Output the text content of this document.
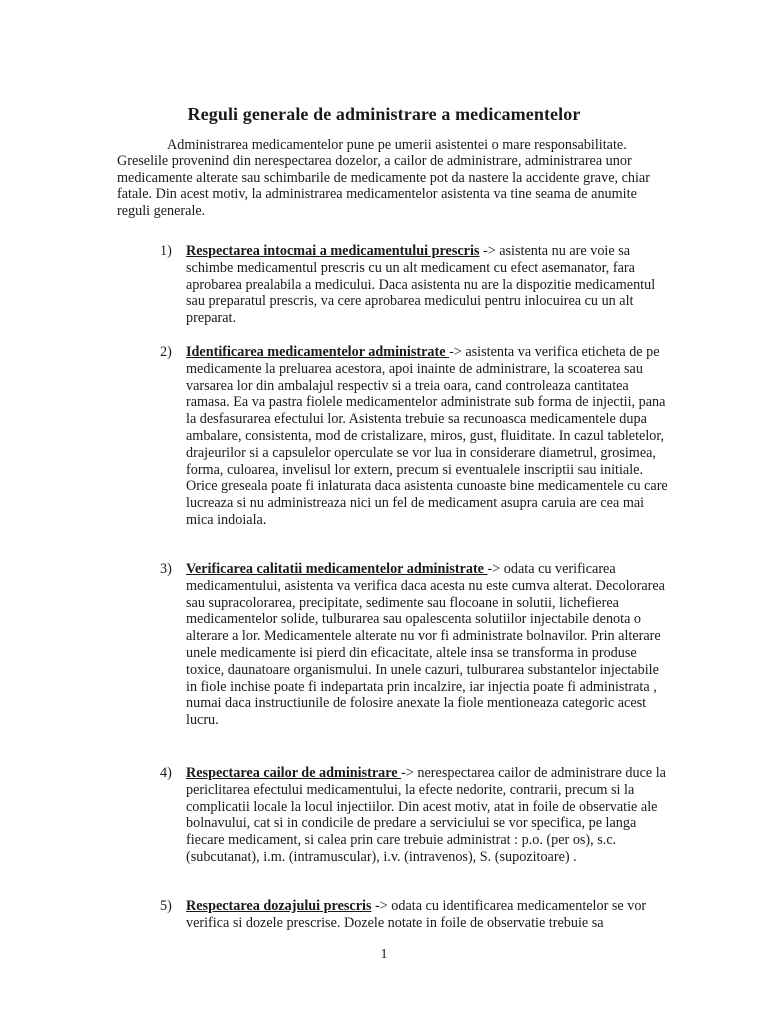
Reguli generale de administrare a medicamentelor

Administrarea medicamentelor pune pe umerii asistentei o mare responsabilitate. Greselile provenind din nerespectarea dozelor, a cailor de administrare, administrarea unor medicamente alterate sau schimbarile de medicamente pot da nastere la accidente grave, chiar fatale. Din acest motiv, la administrarea medicamentelor asistenta va tine seama de anumite reguli generale.

1) Respectarea intocmai a medicamentului prescris -> asistenta nu are voie sa schimbe medicamentul prescris cu un alt medicament cu efect asemanator, fara aprobarea prealabila a medicului. Daca asistenta nu are la dispozitie medicamentul sau preparatul prescris, va cere aprobarea medicului pentru inlocuirea cu un alt preparat.
2) Identificarea medicamentelor administrate -> asistenta va verifica eticheta de pe medicamente la preluarea acestora, apoi inainte de administrare, la scoaterea sau varsarea lor din ambalajul respectiv si a treia oara, cand controleaza cantitatea ramasa. Ea va pastra fiolele medicamentelor administrate sub forma de injectii, pana la desfasurarea efectului lor. Asistenta trebuie sa recunoasca medicamentele dupa ambalare, consistenta, mod de cristalizare, miros, gust, fluiditate. In cazul tabletelor, drajeurilor si a capsulelor operculate se vor lua in considerare diametrul, grosimea, forma, culoarea, invelisul lor extern, precum si eventualele inscriptii sau initiale. Orice greseala poate fi inlaturata daca asistenta cunoaste bine medicamentele cu care lucreaza si nu administreaza nici un fel de medicament asupra caruia are cea mai mica indoiala.
3) Verificarea calitatii medicamentelor administrate -> odata cu verificarea medicamentului, asistenta va verifica daca acesta nu este cumva alterat. Decolorarea sau supracolorarea, precipitate, sedimente sau flocoane in solutii, lichefierea medicamentelor solide, tulburarea sau opalescenta solutiilor injectabile denota o alterare a lor. Medicamentele alterate nu vor fi administrate bolnavilor. Prin alterare unele medicamente isi pierd din eficacitate, altele insa se transforma in produse toxice, daunatoare organismului. In unele cazuri, tulburarea substantelor injectabile in fiole inchise poate fi indepartata prin incalzire, iar injectia poate fi administrata , numai daca instructiunile de folosire anexate la fiole mentioneaza categoric acest lucru.
4) Respectarea cailor de administrare -> nerespectarea cailor de administrare duce la periclitarea efectului medicamentului, la efecte nedorite, contrarii, precum si la complicatii locale la locul injectiilor. Din acest motiv, atat in foile de observatie ale bolnavului, cat si in condicile de predare a serviciului se vor specifica, pe langa fiecare medicament, si calea prin care trebuie administrat : p.o. (per os), s.c. (subcutanat), i.m. (intramuscular), i.v. (intravenos), S. (supozitoare) .
5) Respectarea dozajului prescris -> odata cu identificarea medicamentelor se vor verifica si dozele prescrise. Dozele notate in foile de observatie trebuie sa
1
